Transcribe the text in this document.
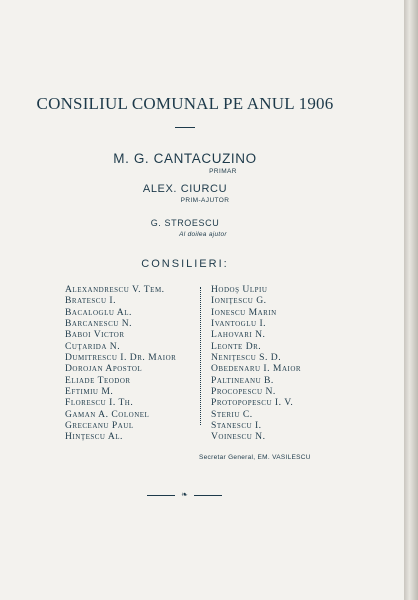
CONSILIUL COMUNAL PE ANUL 1906
M. G. CANTACUZINO
PRIMAR
ALEX. CIURCU
PRIM-AJUTOR
G. STROESCU
Al doilea ajutor
CONSILIERI:
Alexandrescu V. Tem.
Bratescu I.
Bacaloglu Al.
Barcanescu N.
Baboi Victor
Cuţarida N.
Dumitrescu I. Dr. Maior
Dorojan Apostol
Eliade Teodor
Eftimiu M.
Florescu I. Th.
Gaman A. Colonel
Greceanu Paul
Hinţescu Al.
Hodoş Ulpiu
Ioniţescu G.
Ionescu Marin
Ivantoglu I.
Lahovari N.
Leonte Dr.
Neniţescu S. D.
Obedenaru I. Maior
Paltineanu B.
Procopescu N.
Protopopescu I. V.
Steriu C.
Stanescu I.
Voinescu N.
Secretar General, EM. VASILESCU
❧
